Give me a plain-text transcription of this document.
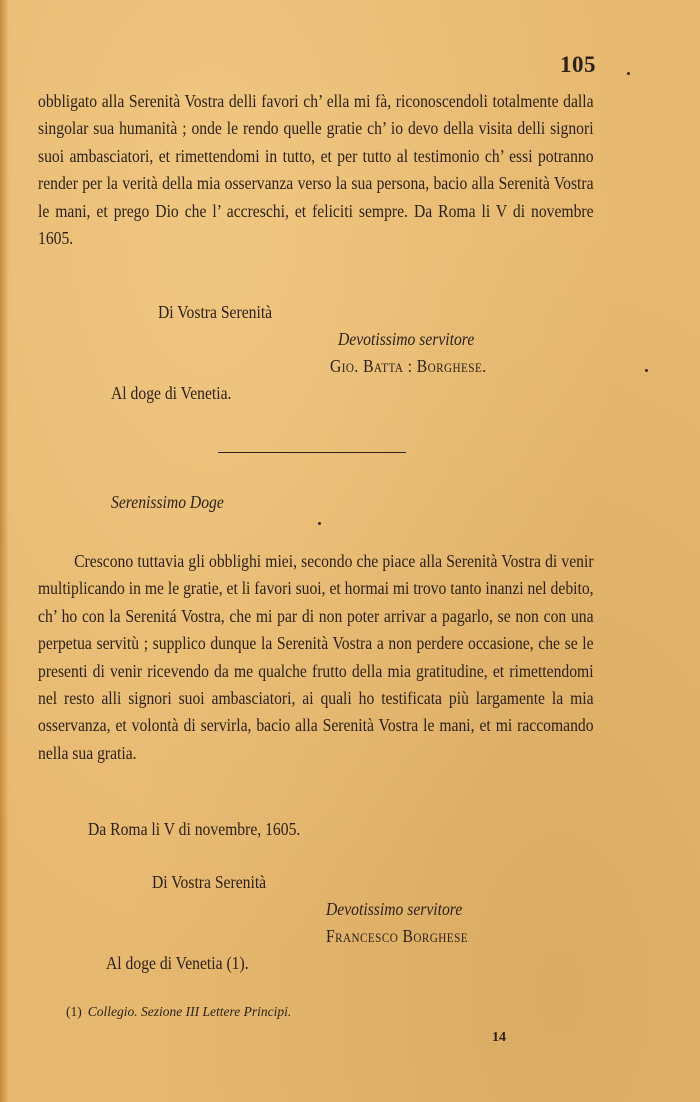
105

obbligato alla Serenità Vostra delli favori ch’ ella mi fà, riconoscendoli totalmente dalla singolar sua humanità ; onde le rendo quelle gratie ch’ io devo della visita delli signori suoi ambasciatori, et rimettendomi in tutto, et per tutto al testimonio ch’ essi potranno render per la verità della mia osservanza verso la sua persona, bacio alla Serenità Vostra le mani, et prego Dio che l’ accreschi, et feliciti sempre. Da Roma li V di novembre 1605.

Di Vostra Serenità
Devotissimo servitore
Gio. Batta : Borghese.
Al doge di Venetia.
Serenissimo Doge

Crescono tuttavia gli obblighi miei, secondo che piace alla Serenità Vostra di venir multiplicando in me le gratie, et li favori suoi, et hormai mi trovo tanto inanzi nel debito, ch’ ho con la Serenitá Vostra, che mi par di non poter arrivar a pagarlo, se non con una perpetua servitù ; supplico dunque la Serenità Vostra a non perdere occasione, che se le presenti di venir ricevendo da me qualche frutto della mia gratitudine, et rimettendomi nel resto alli signori suoi ambasciatori, ai quali ho testificata più largamente la mia osservanza, et volontà di servirla, bacio alla Serenità Vostra le mani, et mi raccomando nella sua gratia.

Da Roma li V di novembre, 1605.
Di Vostra Serenità
Devotissimo servitore
Francesco Borghese
Al doge di Venetia (1).
(1) Collegio. Sezione III Lettere Principi.
14
